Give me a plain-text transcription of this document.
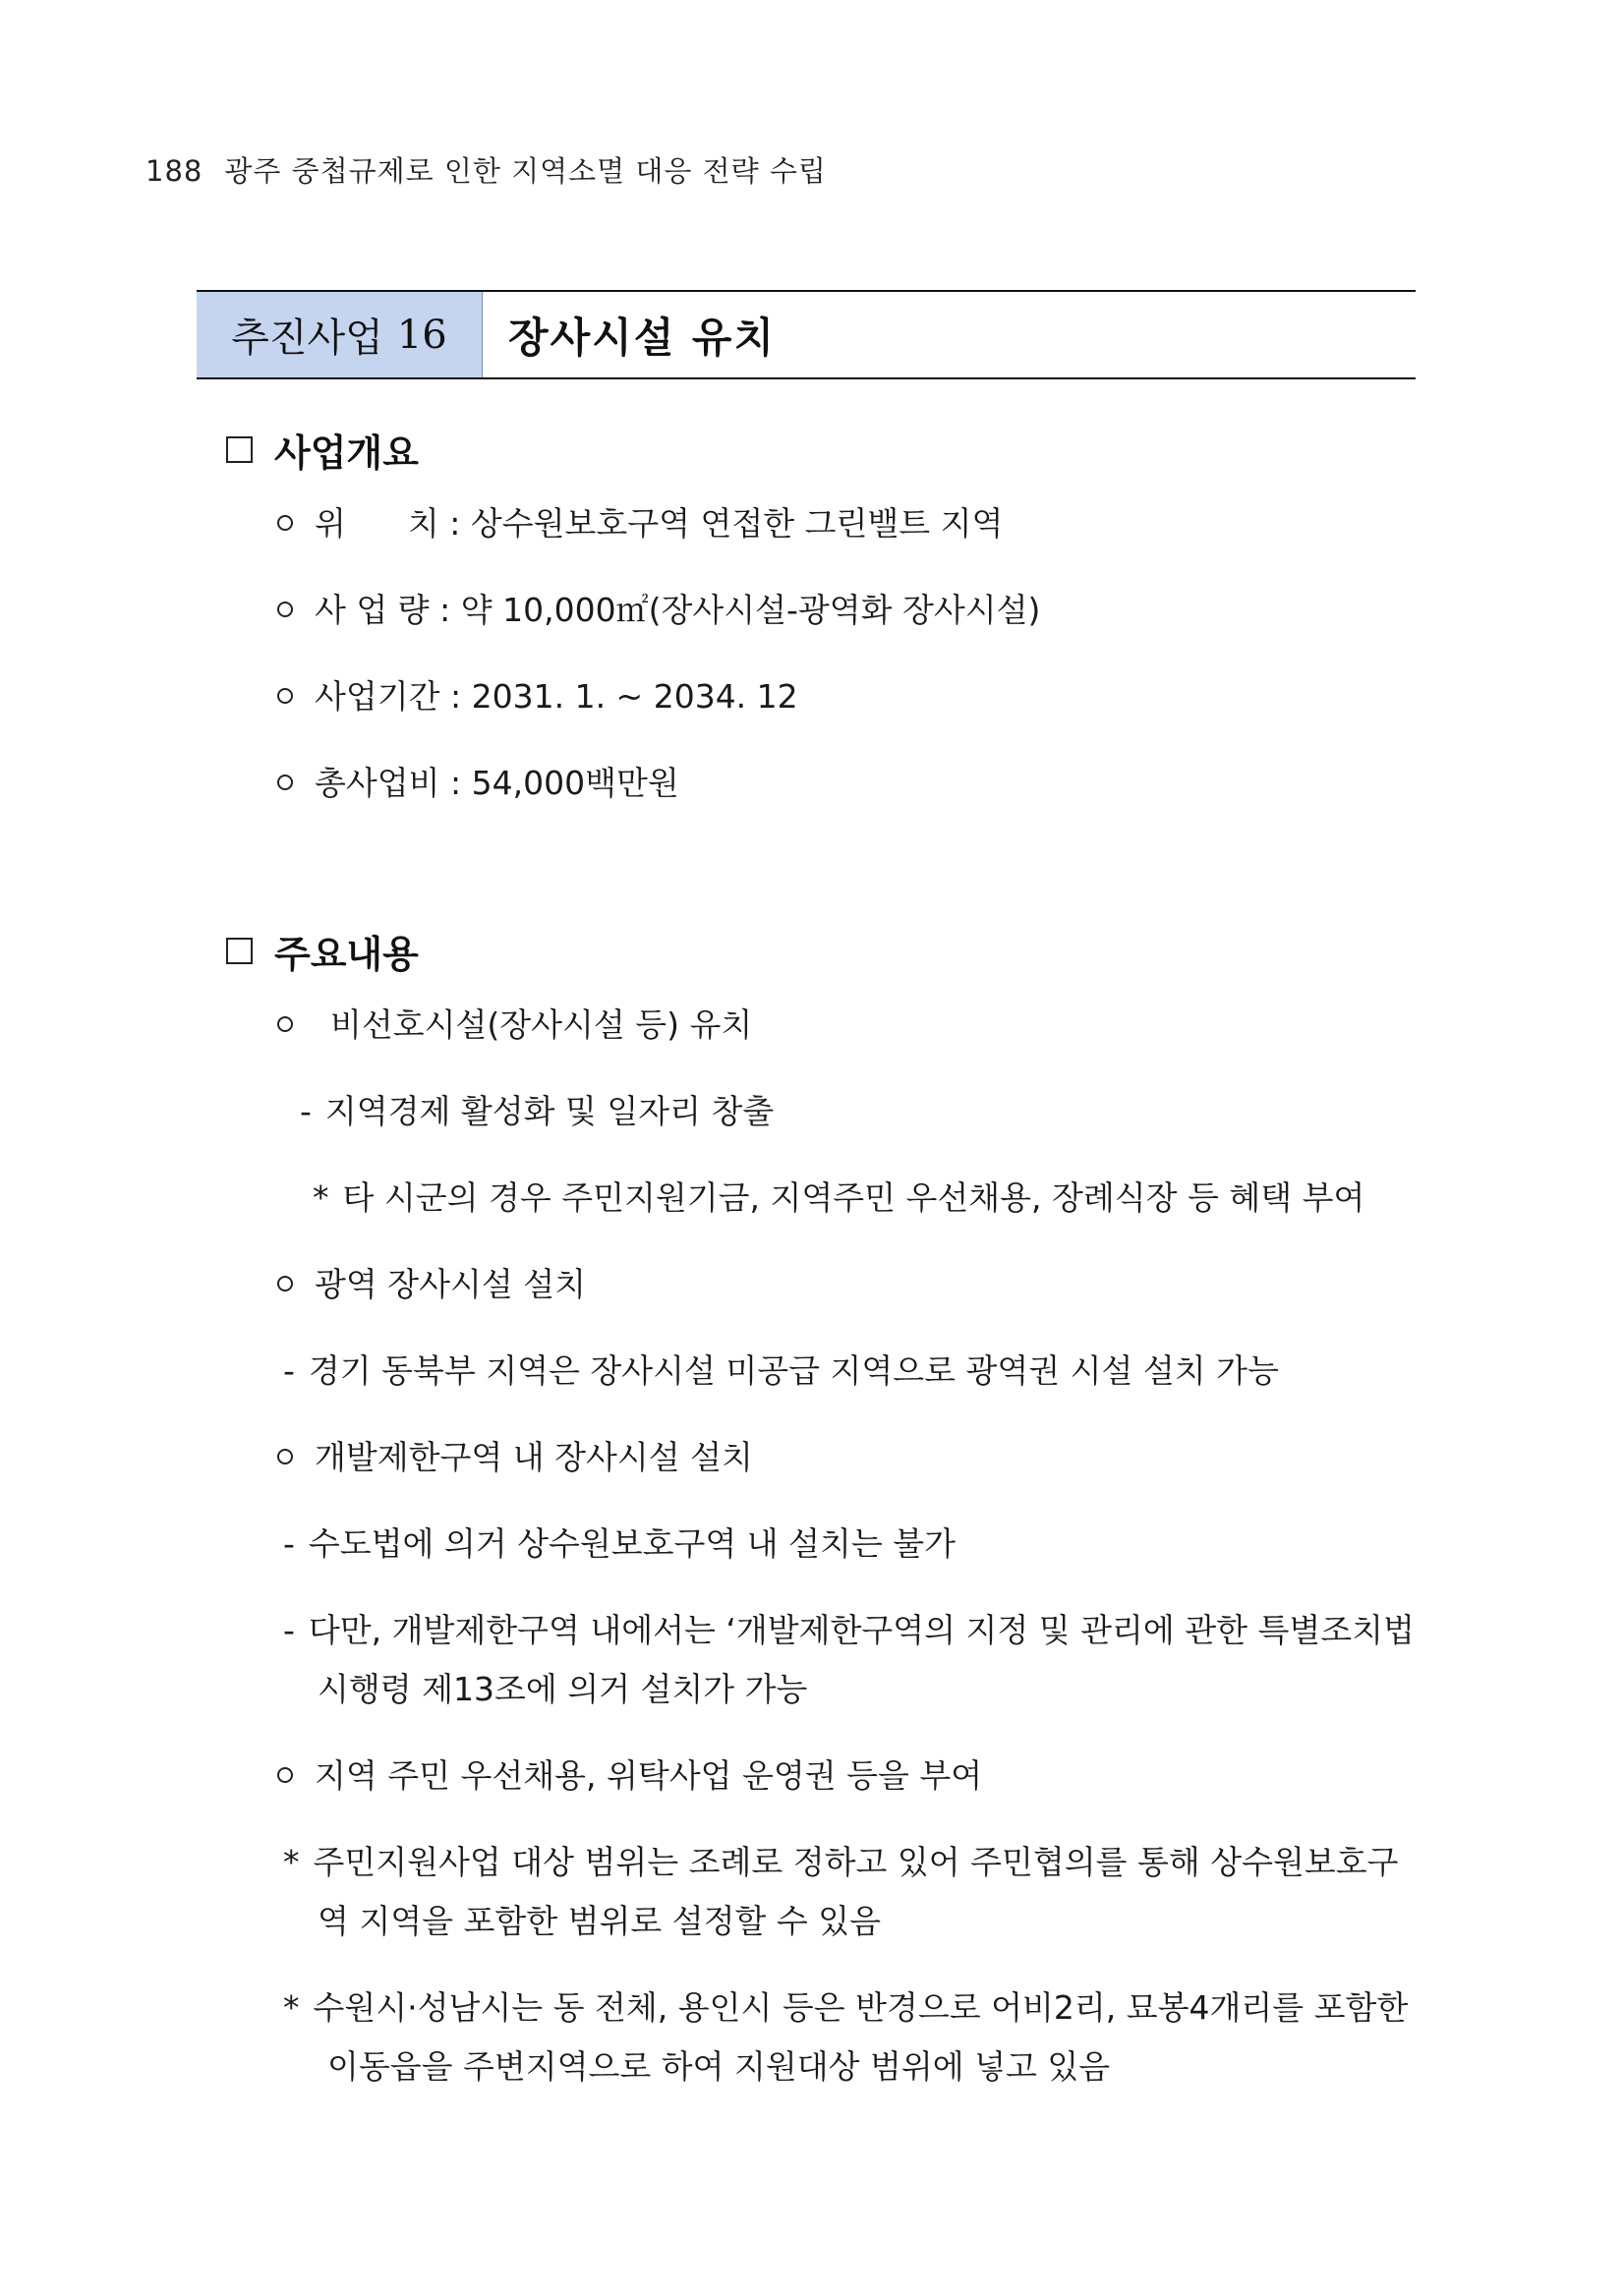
188 광주 중첩규제로 인한 지역소멸 대응 전략 수립
추진사업 16	장사시설 유치
사업개요
위      치 : 상수원보호구역 연접한 그린밸트 지역
사 업 량 : 약 10,000㎡(장사시설-광역화 장사시설)
사업기간 : 2031. 1. ~ 2034. 12
총사업비 : 54,000백만원
주요내용
비선호시설(장사시설 등) 유치
- 지역경제 활성화 및 일자리 창출
* 타 시군의 경우 주민지원기금, 지역주민 우선채용, 장례식장 등 혜택 부여
광역 장사시설 설치
- 경기 동북부 지역은 장사시설 미공급 지역으로 광역권 시설 설치 가능
개발제한구역 내 장사시설 설치
- 수도법에 의거 상수원보호구역 내 설치는 불가
- 다만, 개발제한구역 내에서는 ‘개발제한구역의 지정 및 관리에 관한 특별조치법
시행령 제13조에 의거 설치가 가능
지역 주민 우선채용, 위탁사업 운영권 등을 부여
* 주민지원사업 대상 범위는 조례로 정하고 있어 주민협의를 통해 상수원보호구
역 지역을 포함한 범위로 설정할 수 있음
* 수원시·성남시는 동 전체, 용인시 등은 반경으로 어비2리, 묘봉4개리를 포함한
이동읍을 주변지역으로 하여 지원대상 범위에 넣고 있음
